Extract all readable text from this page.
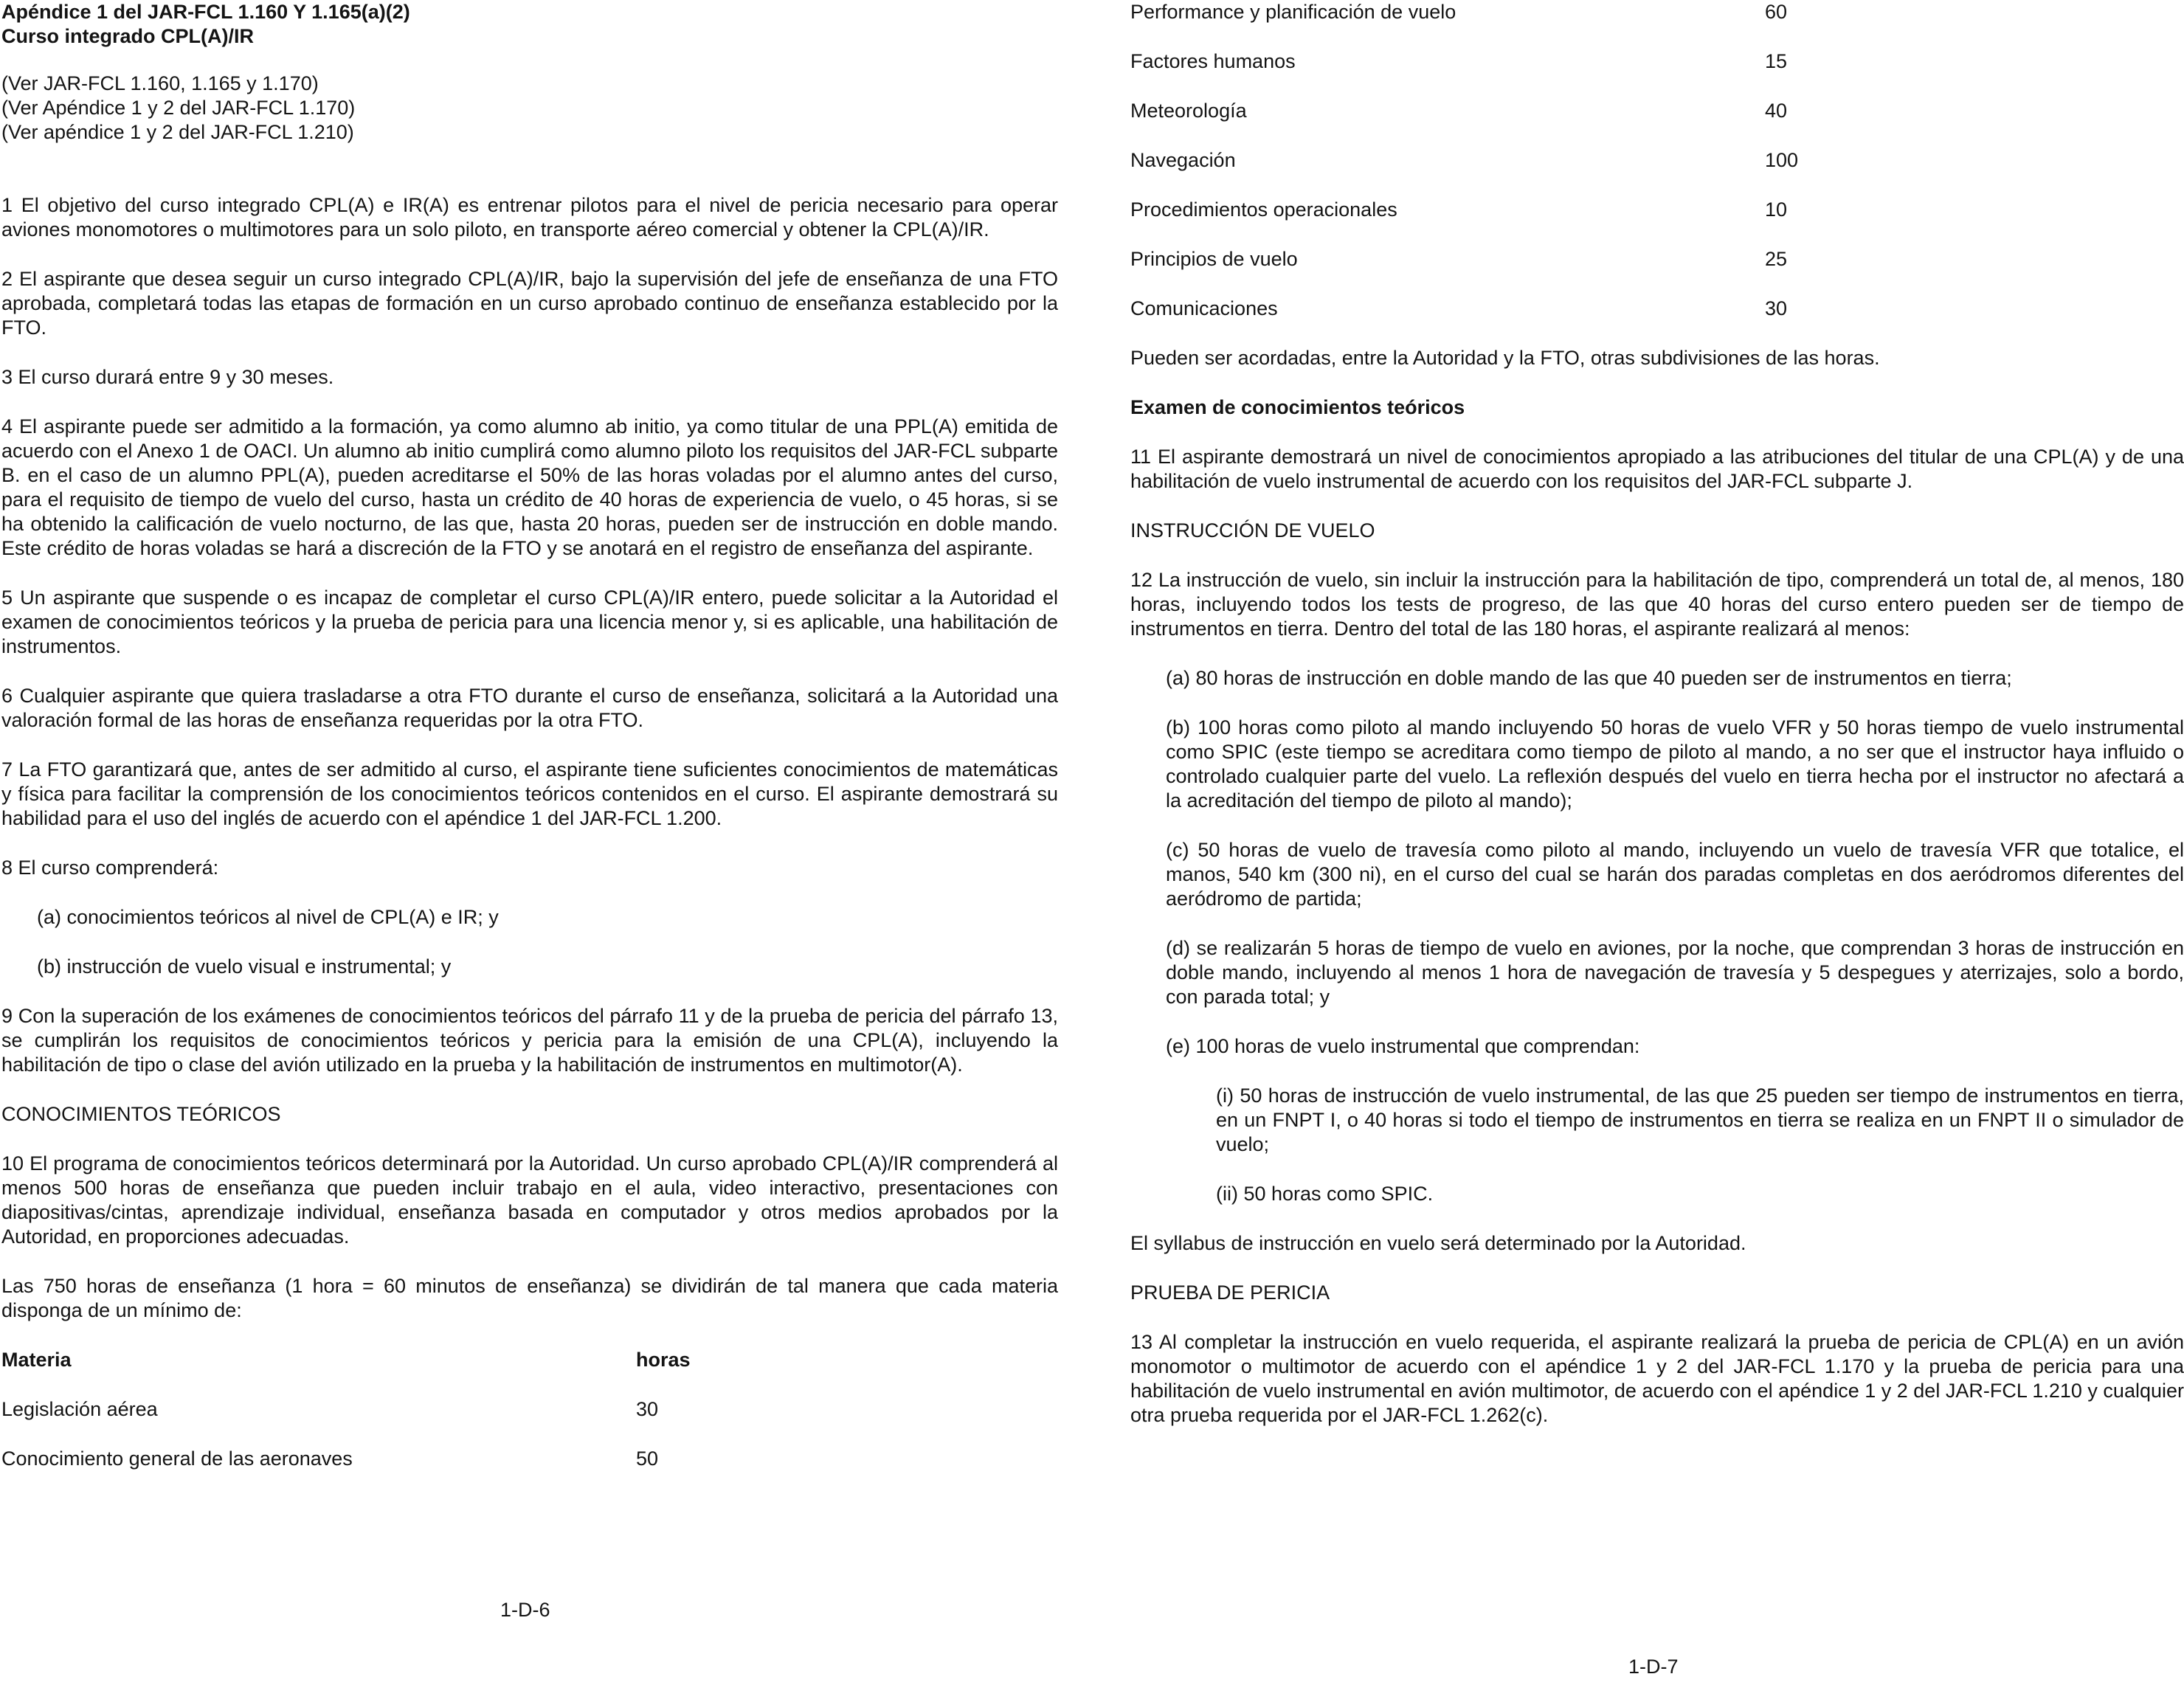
Apéndice 1 del JAR-FCL 1.160 Y 1.165(a)(2)

Curso integrado CPL(A)/IR

(Ver JAR-FCL 1.160, 1.165 y 1.170)

(Ver Apéndice 1 y 2 del JAR-FCL 1.170)

(Ver apéndice 1 y 2 del JAR-FCL 1.210)

1 El objetivo del curso integrado CPL(A) e IR(A) es entrenar pilotos para el nivel de pericia necesario para operar aviones monomotores o multimotores para un solo piloto, en transporte aéreo comercial y obtener la CPL(A)/IR.

2 El aspirante que desea seguir un curso integrado CPL(A)/IR, bajo la supervisión del jefe de enseñanza de una FTO aprobada, completará todas las etapas de formación en un curso aprobado continuo de enseñanza establecido por la FTO.

3 El curso durará entre 9 y 30 meses.

4 El aspirante puede ser admitido a la formación, ya como alumno ab initio, ya como titular de una PPL(A) emitida de acuerdo con el Anexo 1 de OACI. Un alumno ab initio cumplirá como alumno piloto los requisitos del JAR-FCL subparte B. en el caso de un alumno PPL(A), pueden acreditarse el 50% de las horas voladas por el alumno antes del curso, para el requisito de tiempo de vuelo del curso, hasta un crédito de 40 horas de experiencia de vuelo, o 45 horas, si se ha obtenido la calificación de vuelo nocturno, de las que, hasta 20 horas, pueden ser de instrucción en doble mando. Este crédito de horas voladas se hará a discreción de la FTO y se anotará en el registro de enseñanza del aspirante.

5 Un aspirante que suspende o es incapaz de completar el curso CPL(A)/IR entero, puede solicitar a la Autoridad el examen de conocimientos teóricos y la prueba de pericia para una licencia menor y, si es aplicable, una habilitación de instrumentos.

6 Cualquier aspirante que quiera trasladarse a otra FTO durante el curso de enseñanza, solicitará a la Autoridad una valoración formal de las horas de enseñanza requeridas por la otra FTO.

7 La FTO garantizará que, antes de ser admitido al curso, el aspirante tiene suficientes conocimientos de matemáticas y física para facilitar la comprensión de los conocimientos teóricos contenidos en el curso. El aspirante demostrará su habilidad para el uso del inglés de acuerdo con el apéndice 1 del JAR-FCL 1.200.

8 El curso comprenderá:

(a) conocimientos teóricos al nivel de CPL(A) e IR; y

(b) instrucción de vuelo visual e instrumental; y

9 Con la superación de los exámenes de conocimientos teóricos del párrafo 11 y de la prueba de pericia del párrafo 13, se cumplirán los requisitos de conocimientos teóricos y pericia para la emisión de una CPL(A), incluyendo la habilitación de tipo o clase del avión utilizado en la prueba y la habilitación de instrumentos en multimotor(A).

CONOCIMIENTOS TEÓRICOS

10 El programa de conocimientos teóricos determinará por la Autoridad. Un curso aprobado CPL(A)/IR comprenderá al menos 500 horas de enseñanza que pueden incluir trabajo en el aula, video interactivo, presentaciones con diapositivas/cintas, aprendizaje individual, enseñanza basada en computador y otros medios aprobados por la Autoridad, en proporciones adecuadas.

Las 750 horas de enseñanza (1 hora = 60 minutos de enseñanza) se dividirán de tal manera que cada materia disponga de un mínimo de:

Materia	horas
Legislación aérea	30
Conocimiento general de las aeronaves	50
1-D-6
Performance y planificación de vuelo	60
Factores humanos	15
Meteorología	40
Navegación	100
Procedimientos operacionales	10
Principios de vuelo	25
Comunicaciones	30

Pueden ser acordadas, entre la Autoridad y la FTO, otras subdivisiones de las horas.

Examen de conocimientos teóricos

11 El aspirante demostrará un nivel de conocimientos apropiado a las atribuciones del titular de una CPL(A) y de una habilitación de vuelo instrumental de acuerdo con los requisitos del JAR-FCL subparte J.

INSTRUCCIÓN DE VUELO

12 La instrucción de vuelo, sin incluir la instrucción para la habilitación de tipo, comprenderá un total de, al menos, 180 horas, incluyendo todos los tests de progreso, de las que 40 horas del curso entero pueden ser de tiempo de instrumentos en tierra. Dentro del total de las 180 horas, el aspirante realizará al menos:

(a) 80 horas de instrucción en doble mando de las que 40 pueden ser de instrumentos en tierra;

(b) 100 horas como piloto al mando incluyendo 50 horas de vuelo VFR y 50 horas tiempo de vuelo instrumental como SPIC (este tiempo se acreditara como tiempo de piloto al mando, a no ser que el instructor haya influido o controlado cualquier parte del vuelo. La reflexión después del vuelo en tierra hecha por el instructor no afectará a la acreditación del tiempo de piloto al mando);

(c) 50 horas de vuelo de travesía como piloto al mando, incluyendo un vuelo de travesía VFR que totalice, el manos, 540 km (300 ni), en el curso del cual se harán dos paradas completas en dos aeródromos diferentes del aeródromo de partida;

(d) se realizarán 5 horas de tiempo de vuelo en aviones, por la noche, que comprendan 3 horas de instrucción en doble mando, incluyendo al menos 1 hora de navegación de travesía y 5 despegues y aterrizajes, solo a bordo, con parada total; y

(e) 100 horas de vuelo instrumental que comprendan:

(i) 50 horas de instrucción de vuelo instrumental, de las que 25 pueden ser tiempo de instrumentos en tierra, en un FNPT I, o 40 horas si todo el tiempo de instrumentos en tierra se realiza en un FNPT II o simulador de vuelo;

(ii) 50 horas como SPIC.

El syllabus de instrucción en vuelo será determinado por la Autoridad.

PRUEBA DE PERICIA

13 Al completar la instrucción en vuelo requerida, el aspirante realizará la prueba de pericia de CPL(A) en un avión monomotor o multimotor de acuerdo con el apéndice 1 y 2 del JAR-FCL 1.170 y la prueba de pericia para una habilitación de vuelo instrumental en avión multimotor, de acuerdo con el apéndice 1 y 2 del JAR-FCL 1.210 y cualquier otra prueba requerida por el JAR-FCL 1.262(c).

1-D-7
